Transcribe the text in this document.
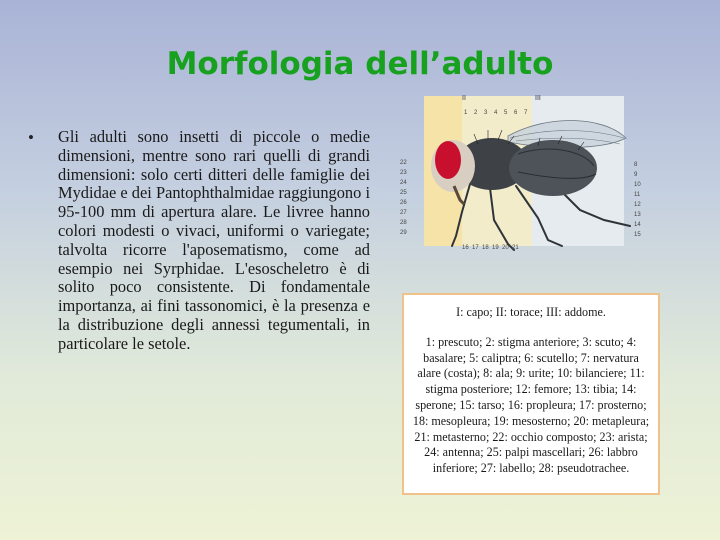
Morfologia dell’adulto
• Gli adulti sono insetti di piccole o medie dimensioni, mentre sono rari quelli di grandi dimensioni: solo certi ditteri delle famiglie dei Mydidae e dei Pantophthalmidae raggiungono i 95-100 mm di apertura alare. Le livree hanno colori modesti o vivaci, uniformi o variegate; talvolta ricorre l'aposematismo, come ad esempio nei Syrphidae. L'esoscheletro è di solito poco consistente. Di fondamentale importanza, ai fini tassonomici, è la presenza e la distribuzione degli annessi tegumentali, in particolare le setole.
II	III
1 2 3 4 5 6 7
22
23
24
25
26
27
28
29
8
9
10
11
12
13
14
15
16 17 18 19 20 21
I: capo; II: torace; III: addome.
1: prescuto; 2: stigma anteriore; 3: scuto; 4: basalare; 5: caliptra; 6: scutello; 7: nervatura alare (costa); 8: ala; 9: urite; 10: bilanciere; 11: stigma posteriore; 12: femore; 13: tibia; 14: sperone; 15: tarso; 16: propleura; 17: prosterno; 18: mesopleura; 19: mesosterno; 20: metapleura; 21: metasterno; 22: occhio composto; 23: arista; 24: antenna; 25: palpi mascellari; 26: labbro inferiore; 27: labello; 28: pseudotrachee.
